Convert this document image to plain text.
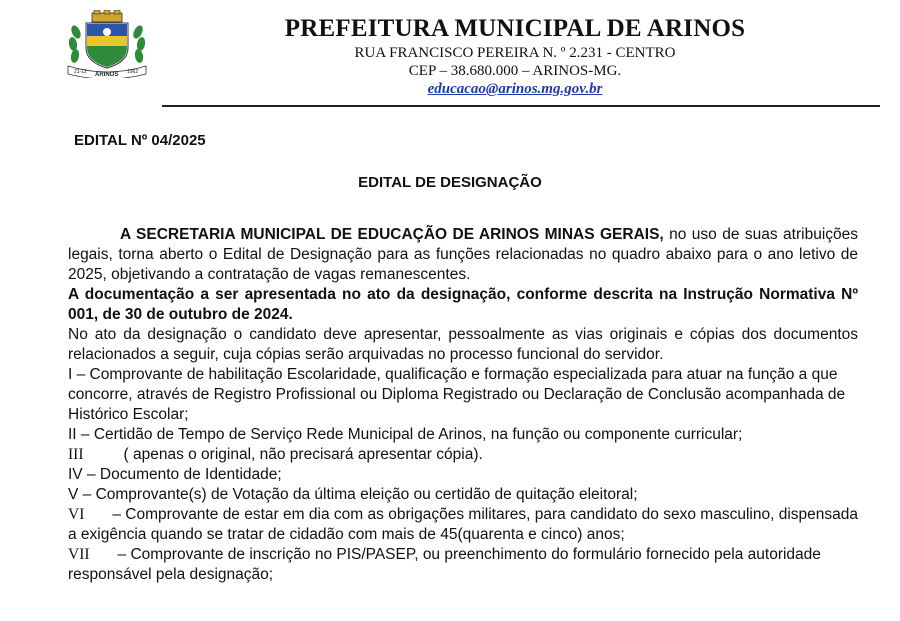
21-12 ARINOS 1962
PREFEITURA MUNICIPAL DE ARINOS
RUA FRANCISCO PEREIRA N. º 2.231 - CENTRO
CEP – 38.680.000 – ARINOS-MG.
educacao@arinos.mg.gov.br
EDITAL Nº 04/2025
EDITAL DE DESIGNAÇÃO

A SECRETARIA MUNICIPAL DE EDUCAÇÃO DE ARINOS MINAS GERAIS, no uso de suas atribuições legais, torna aberto o Edital de Designação para as funções relacionadas no quadro abaixo para o ano letivo de 2025, objetivando a contratação de vagas remanescentes.

A documentação a ser apresentada no ato da designação, conforme descrita na Instrução Normativa Nº 001, de 30 de outubro de 2024.

No ato da designação o candidato deve apresentar, pessoalmente as vias originais e cópias dos documentos relacionados a seguir, cuja cópias serão arquivadas no processo funcional do servidor.

I – Comprovante de habilitação Escolaridade, qualificação e formação especializada para atuar na função a que concorre, através de Registro Profissional ou Diploma Registrado ou Declaração de Conclusão acompanhada de Histórico Escolar;

II – Certidão de Tempo de Serviço Rede Municipal de Arinos, na função ou componente curricular;

III	( apenas o original, não precisará apresentar cópia).

IV – Documento de Identidade;

V – Comprovante(s) de Votação da última eleição ou certidão de quitação eleitoral;

VI – Comprovante de estar em dia com as obrigações militares, para candidato do sexo masculino, dispensada a exigência quando se tratar de cidadão com mais de 45(quarenta e cinco) anos;

VII – Comprovante de inscrição no PIS/PASEP, ou preenchimento do formulário fornecido pela autoridade responsável pela designação;
